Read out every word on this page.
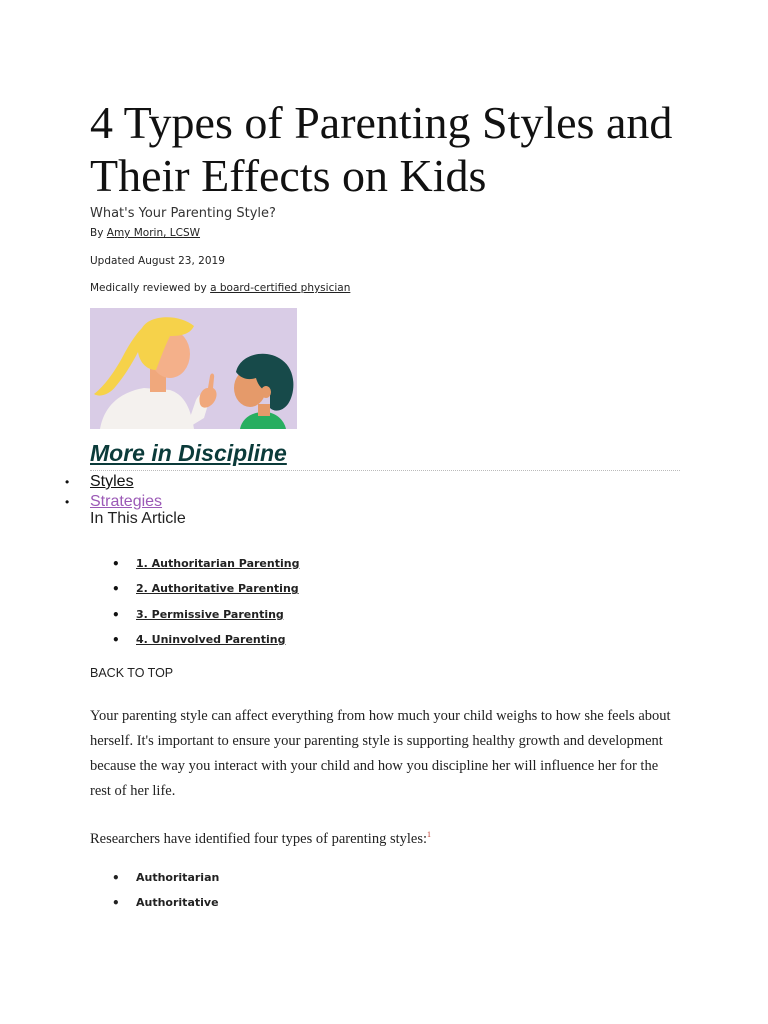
4 Types of Parenting Styles and Their Effects on Kids
What's Your Parenting Style?
By Amy Morin, LCSW
Updated August 23, 2019
Medically reviewed by a board-certified physician
More in Discipline
• Styles
• Strategies
In This Article
• 1. Authoritarian Parenting
• 2. Authoritative Parenting
• 3. Permissive Parenting
• 4. Uninvolved Parenting
BACK TO TOP

Your parenting style can affect everything from how much your child weighs to how she feels about herself. It's important to ensure your parenting style is supporting healthy growth and development because the way you interact with your child and how you discipline her will influence her for the rest of her life.

Researchers have identified four types of parenting styles:$^1$

• Authoritarian
• Authoritative
